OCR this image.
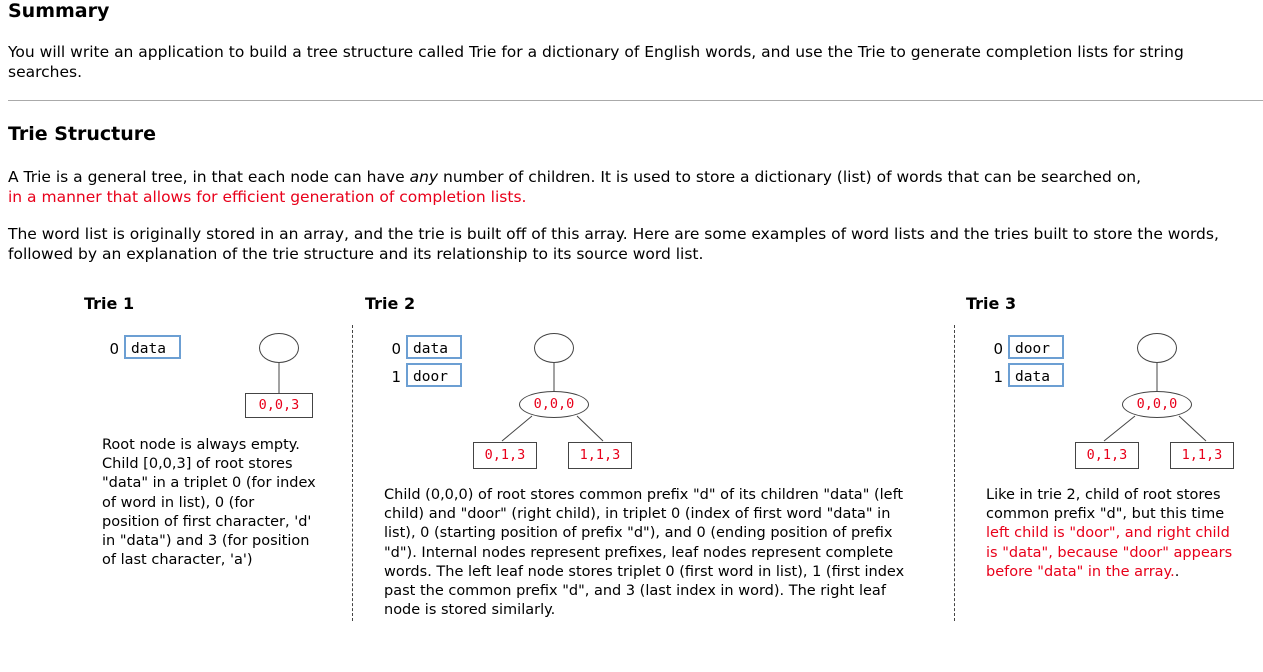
Summary

You will write an application to build a tree structure called Trie for a dictionary of English words, and use the Trie to generate completion lists for string

searches.

Trie Structure

A Trie is a general tree, in that each node can have any number of children. It is used to store a dictionary (list) of words that can be searched on,

in a manner that allows for efficient generation of completion lists.

The word list is originally stored in an array, and the trie is built off of this array. Here are some examples of word lists and the tries built to store the words,

followed by an explanation of the trie structure and its relationship to its source word list.

Trie 1
0 data
0,0,3

Root node is always empty.

Child [0,0,3] of root stores

"data" in a triplet 0 (for index

of word in list), 0 (for

position of first character, 'd'

in "data") and 3 (for position

of last character, 'a')

Trie 2
0 data
1 door
0,0,0
0,1,3	1,1,3

Child (0,0,0) of root stores common prefix "d" of its children "data" (left

child) and "door" (right child), in triplet 0 (index of first word "data" in

list), 0 (starting position of prefix "d"), and 0 (ending position of prefix

"d"). Internal nodes represent prefixes, leaf nodes represent complete

words. The left leaf node stores triplet 0 (first word in list), 1 (first index

past the common prefix "d", and 3 (last index in word). The right leaf

node is stored similarly.

Trie 3
0 door
1 data
0,0,0
0,1,3	1,1,3

Like in trie 2, child of root stores

common prefix "d", but this time

left child is "door", and right child

is "data", because "door" appears

before "data" in the array..
